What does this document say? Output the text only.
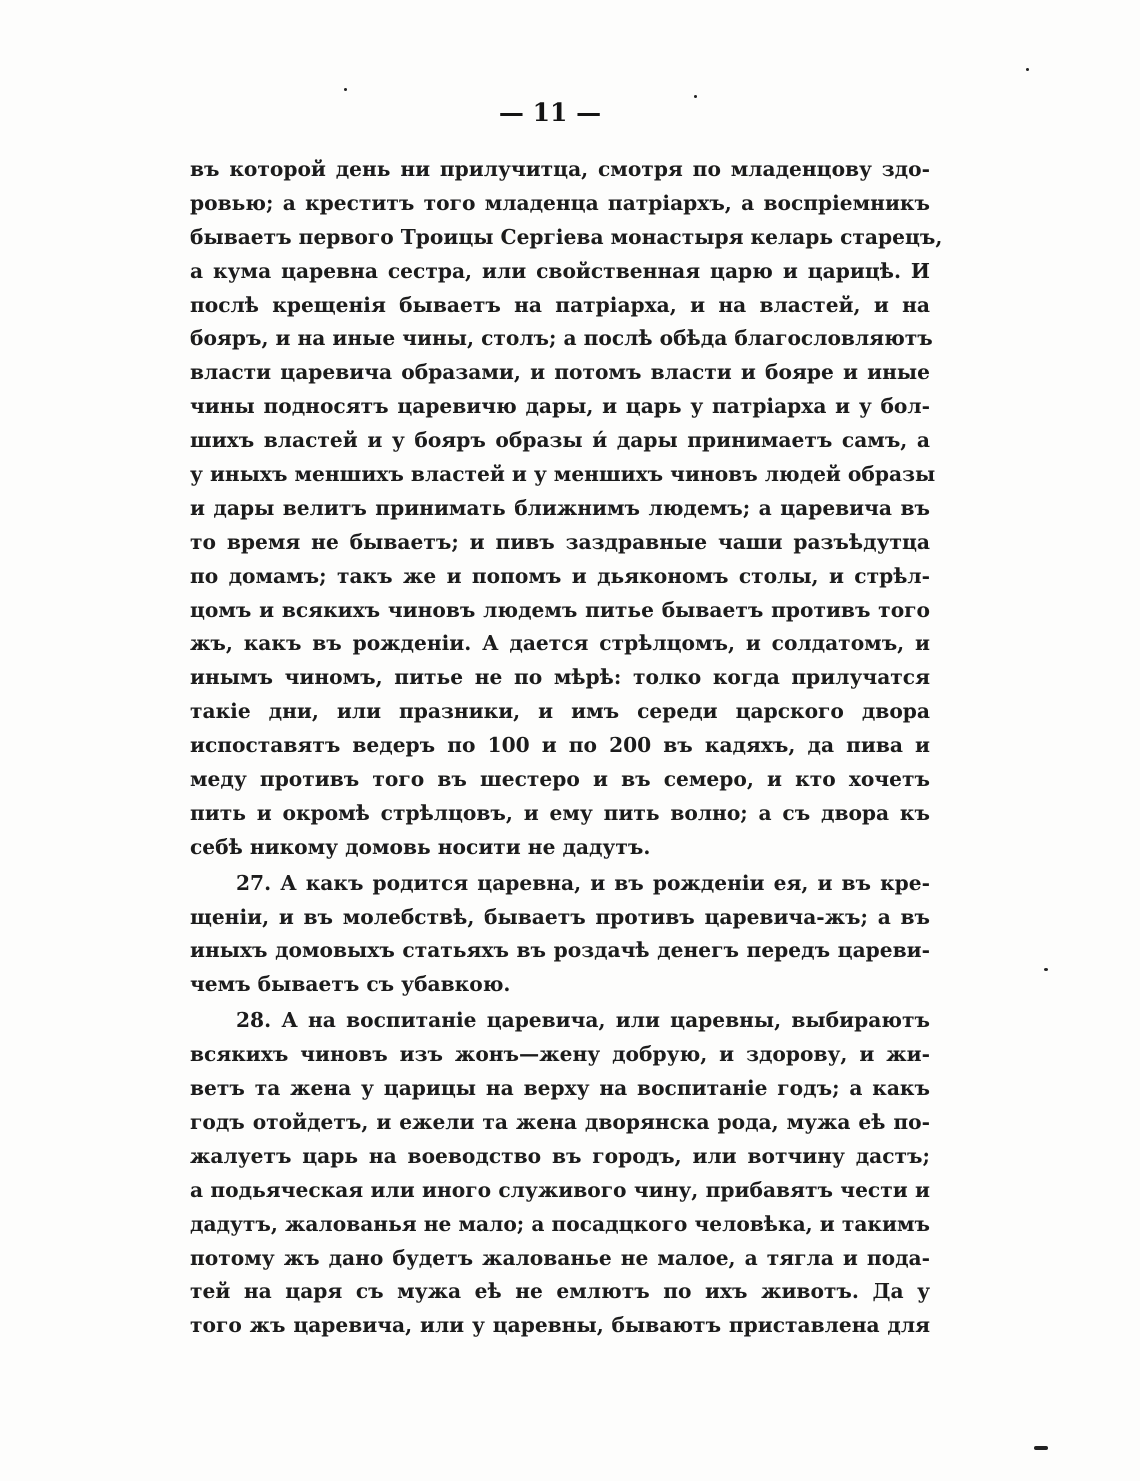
— 11 —
въ которой день ни прилучитца, смотря по младенцову здо-
ровью; а креститъ того младенца патрiархъ, а воспрiемникъ
бываетъ первого Троицы Сергiева монастыря келарь старецъ,
а кума царевна сестра, или свойственная царю и царицѣ. И
послѣ крещенiя бываетъ на патрiарха, и на властей, и на
бояръ, и на иные чины, столъ; а послѣ обѣда благословляютъ
власти царевича образами, и потомъ власти и бояре и иные
чины подносятъ царевичю дары, и царь у патрiарха и у бол-
шихъ властей и у бояръ образы и́ дары принимаетъ самъ, а
у иныхъ меншихъ властей и у меншихъ чиновъ людей образы
и дары велитъ принимать ближнимъ людемъ; а царевича въ
то время не бываетъ; и пивъ заздравные чаши разъѣдутца
по домамъ; такъ же и попомъ и дьякономъ столы, и стрѣл-
цомъ и всякихъ чиновъ людемъ питье бываетъ противъ того
жъ, какъ въ рожденiи. А дается стрѣлцомъ, и солдатомъ, и
инымъ чиномъ, питье не по мѣрѣ: толко когда прилучатся
такiе дни, или празники, и имъ середи царского двора
испоставятъ ведеръ по 100 и по 200 въ кадяхъ, да пива и
меду противъ того въ шестеро и въ семеро, и кто хочетъ
пить и окромѣ стрѣлцовъ, и ему пить волно; а съ двора къ
себѣ никому домовь носити не дадутъ.
27. А какъ родится царевна, и въ рожденiи ея, и въ кре-
щенiи, и въ молебствѣ, бываетъ противъ царевича-жъ; а въ
иныхъ домовыхъ статьяхъ въ роздачѣ денегъ передъ цареви-
чемъ бываетъ съ убавкою.
28. А на воспитанiе царевича, или царевны, выбираютъ
всякихъ чиновъ изъ жонъ—жену добрую, и здорову, и жи-
ветъ та жена у царицы на верху на воспитанiе годъ; а какъ
годъ отойдетъ, и ежели та жена дворянска рода, мужа еѣ по-
жалуетъ царь на воеводство въ городъ, или вотчину дастъ;
а подьяческая или иного служивого чину, прибавятъ чести и
дадутъ, жалованья не мало; а посадцкого человѣка, и такимъ
потому жъ дано будетъ жалованье не малое, а тягла и пода-
тей на царя съ мужа еѣ не емлютъ по ихъ животъ. Да у
того жъ царевича, или у царевны, бываютъ приставлена для
